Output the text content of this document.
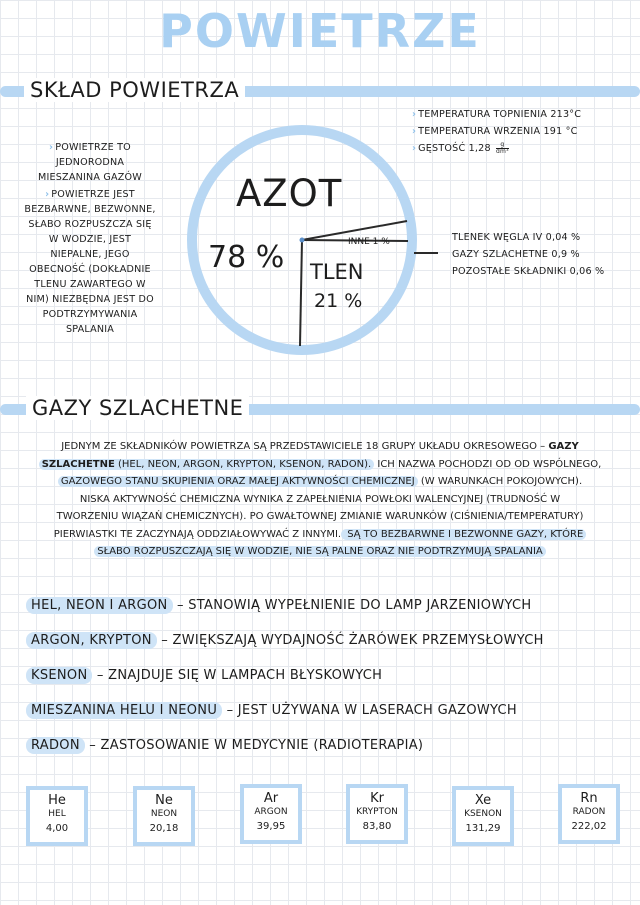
POWIETRZE
SKŁAD POWIETRZA
› POWIETRZE TO
JEDNORODNA
MIESZANINA GAZÓW
› POWIETRZE JEST
BEZBARWNE, BEZWONNE,
SŁABO ROZPUSZCZA SIĘ
W WODZIE, JEST
NIEPALNE, JEGO
OBECNOŚĆ (DOKŁADNIE
TLENU ZAWARTEGO W
NIM) NIEZBĘDNA JEST DO
PODTRZYMYWANIA
SPALANIA
› TEMPERATURA TOPNIENIA 213°C
› TEMPERATURA WRZENIA 191 °C
› GĘSTOŚĆ $1,28 \frac{g}{\text{dm³}}$
AZOT
78 % TLEN
21 %
INNE 1 %	TLENEK WĘGLA IV 0,04 %
GAZY SZLACHETNE 0,9 %
POZOSTAŁE SKŁADNIKI 0,06 %
GAZY SZLACHETNE
JEDNYM ZE SKŁADNIKÓW POWIETRZA SĄ PRZEDSTAWICIELE 18 GRUPY UKŁADU OKRESOWEGO – GAZY
SZLACHETNE (HEL, NEON, ARGON, KRYPTON, KSENON, RADON). ICH NAZWA POCHODZI OD OD WSPÓLNEGO,
GAZOWEGO STANU SKUPIENIA ORAZ MAŁEJ AKTYWNOŚCI CHEMICZNEJ (W WARUNKACH POKOJOWYCH).
NISKA AKTYWNOŚĆ CHEMICZNA WYNIKA Z ZAPEŁNIENIA POWŁOKI WALENCYJNEJ (TRUDNOŚĆ W
TWORZENIU WIĄZAŃ CHEMICZNYCH). PO GWAŁTOWNEJ ZMIANIE WARUNKÓW (CIŚNIENIA/TEMPERATURY)
PIERWIASTKI TE ZACZYNAJĄ ODDZIAŁOWYWAĆ Z INNYMI. SĄ TO BEZBARWNE I BEZWONNE GAZY, KTÓRE
SŁABO ROZPUSZCZAJĄ SIĘ W WODZIE, NIE SĄ PALNE ORAZ NIE PODTRZYMUJĄ SPALANIA
HEL, NEON I ARGON – STANOWIĄ WYPEŁNIENIE DO LAMP JARZENIOWYCH
ARGON, KRYPTON – ZWIĘKSZAJĄ WYDAJNOŚĆ ŻARÓWEK PRZEMYSŁOWYCH
KSENON – ZNAJDUJE SIĘ W LAMPACH BŁYSKOWYCH
MIESZANINA HELU I NEONU – JEST UŻYWANA W LASERACH GAZOWYCH
RADON – ZASTOSOWANIE W MEDYCYNIE (RADIOTERAPIA)
He
HEL
4,00
Ne
NEON
20,18
Ar
ARGON
39,95
Kr
KRYPTON
83,80
Xe
KSENON
131,29
Rn
RADON
222,02
